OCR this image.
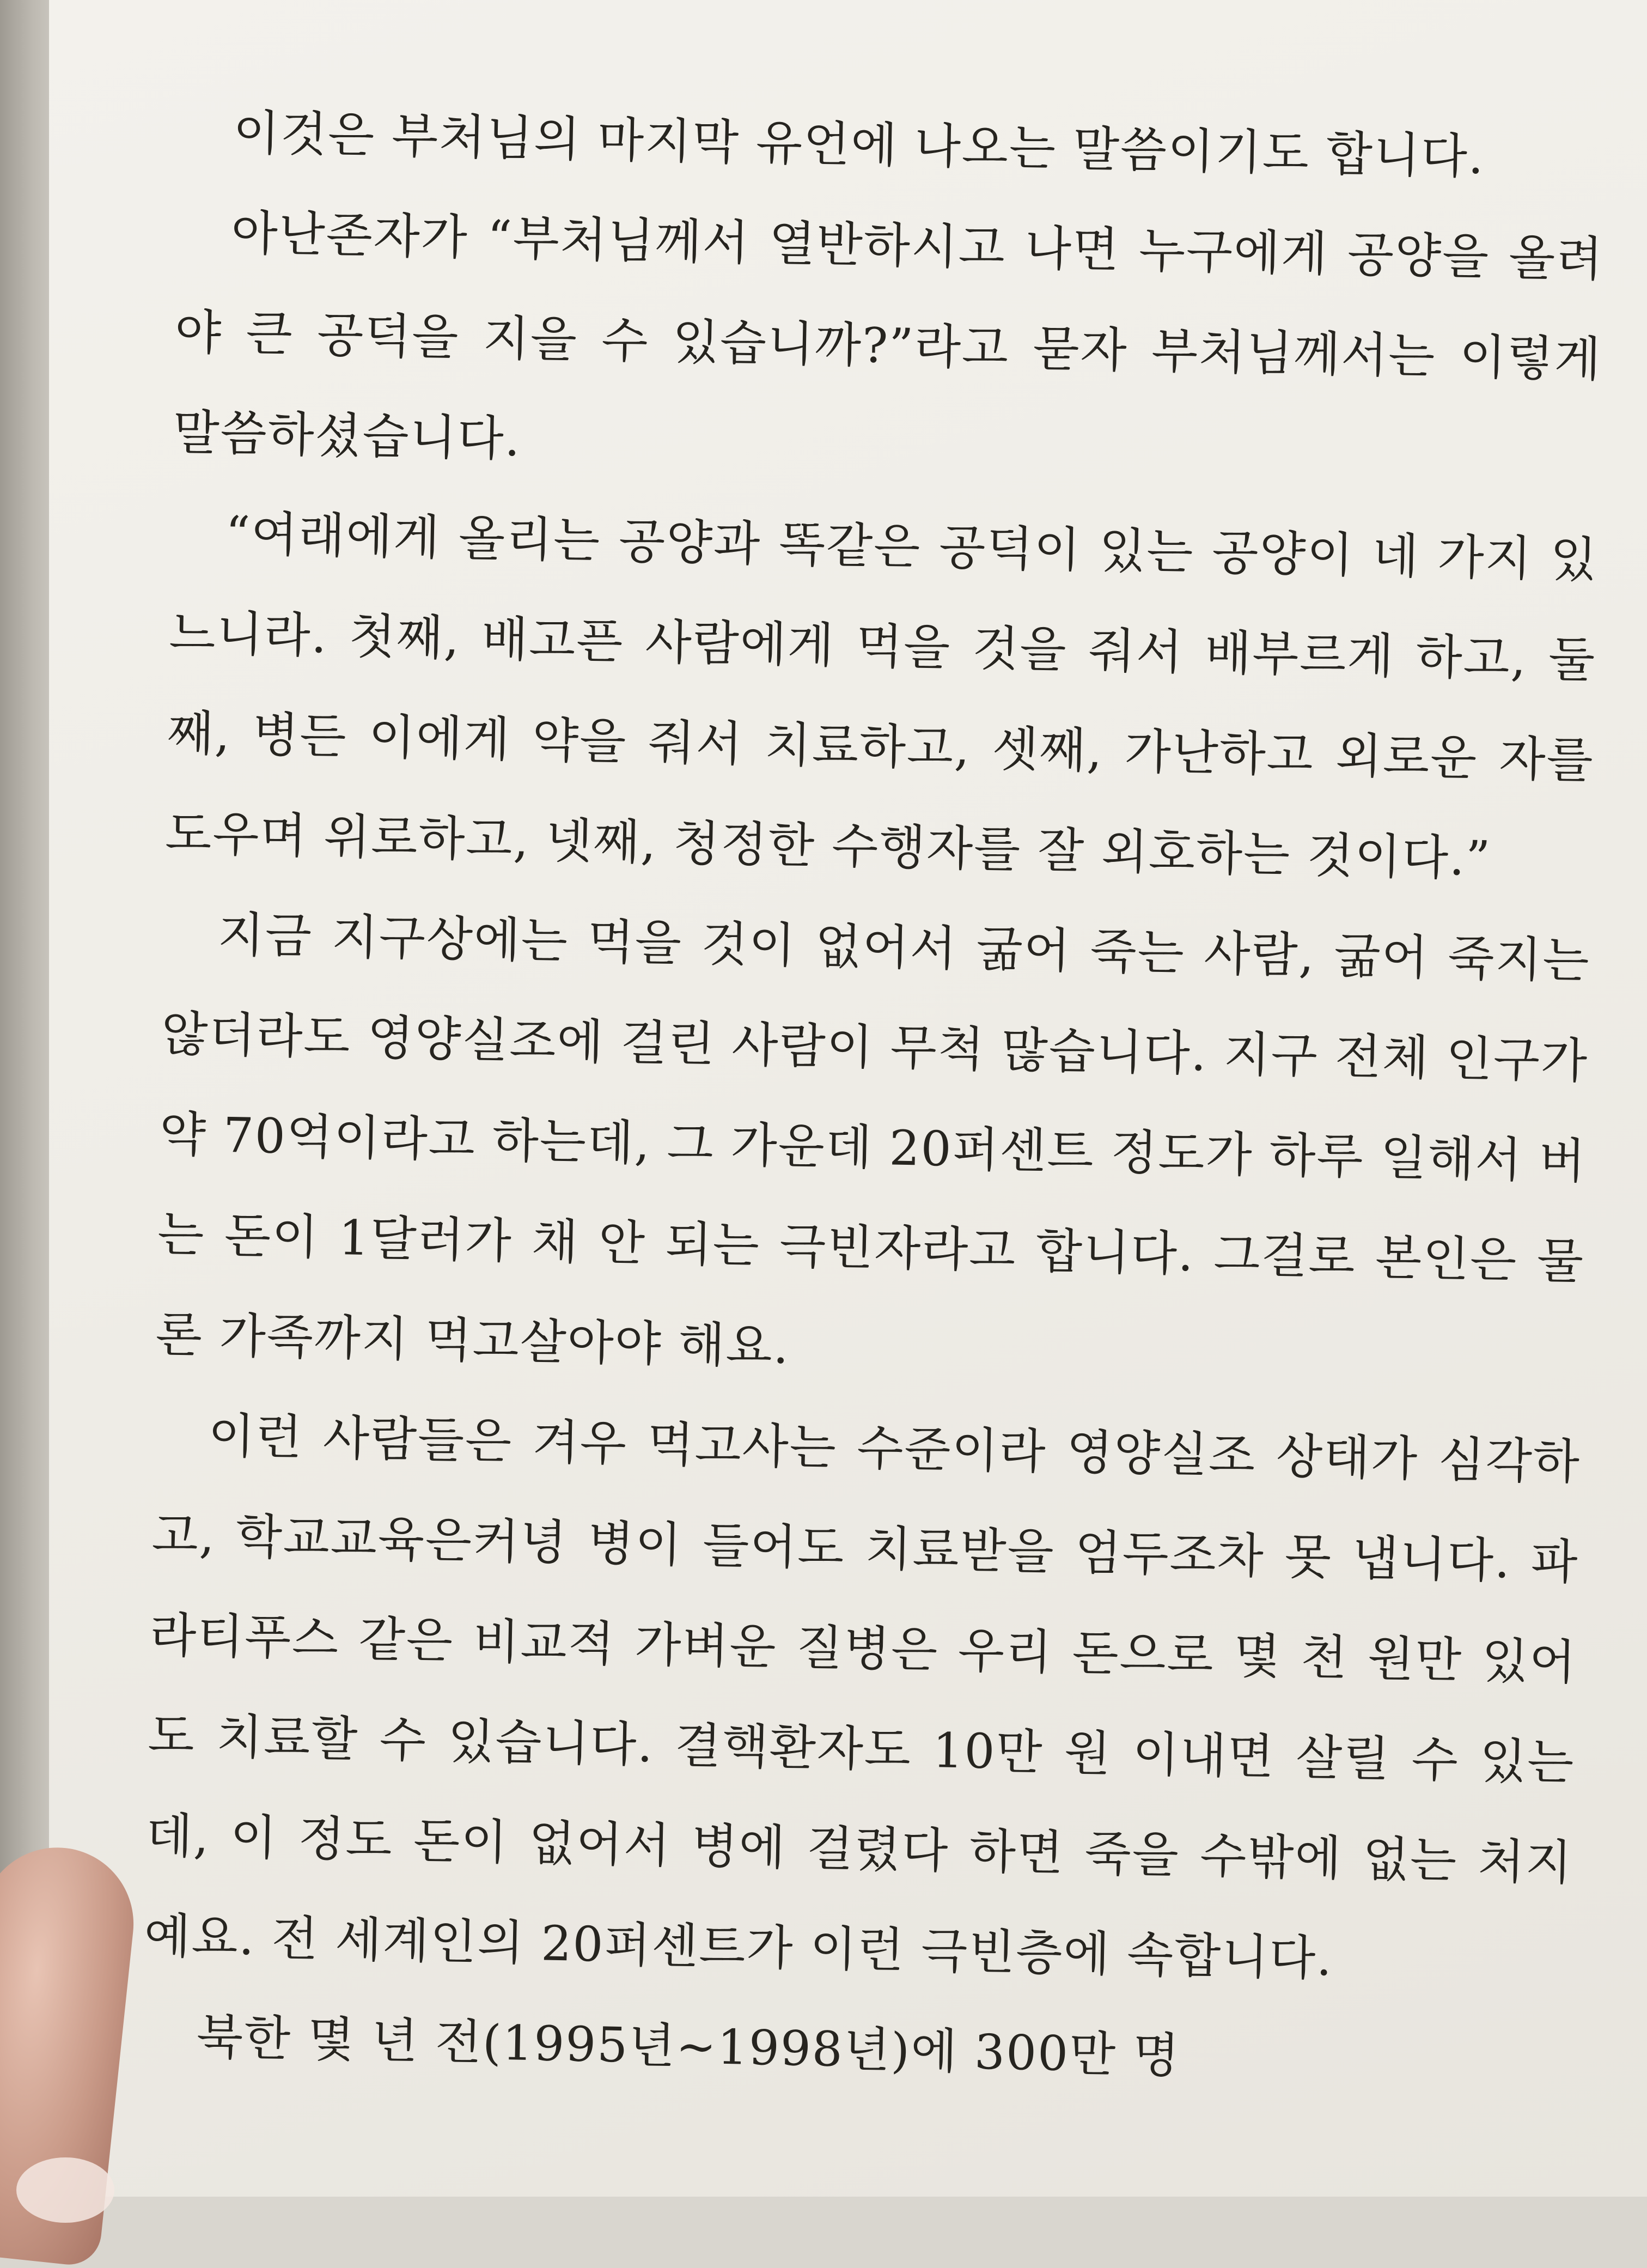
이것은 부처님의 마지막 유언에 나오는 말씀이기도 합니다.

아난존자가 “부처님께서 열반하시고 나면 누구에게 공양을 올려야 큰 공덕을 지을 수 있습니까?”라고 묻자 부처님께서는 이렇게 말씀하셨습니다.

“여래에게 올리는 공양과 똑같은 공덕이 있는 공양이 네 가지 있느니라. 첫째, 배고픈 사람에게 먹을 것을 줘서 배부르게 하고, 둘째, 병든 이에게 약을 줘서 치료하고, 셋째, 가난하고 외로운 자를 도우며 위로하고, 넷째, 청정한 수행자를 잘 외호하는 것이다.”

지금 지구상에는 먹을 것이 없어서 굶어 죽는 사람, 굶어 죽지는 않더라도 영양실조에 걸린 사람이 무척 많습니다. 지구 전체 인구가 약 70억이라고 하는데, 그 가운데 20퍼센트 정도가 하루 일해서 버는 돈이 1달러가 채 안 되는 극빈자라고 합니다. 그걸로 본인은 물론 가족까지 먹고살아야 해요.

이런 사람들은 겨우 먹고사는 수준이라 영양실조 상태가 심각하고, 학교교육은커녕 병이 들어도 치료받을 엄두조차 못 냅니다. 파라티푸스 같은 비교적 가벼운 질병은 우리 돈으로 몇 천 원만 있어도 치료할 수 있습니다. 결핵환자도 10만 원 이내면 살릴 수 있는데, 이 정도 돈이 없어서 병에 걸렸다 하면 죽을 수밖에 없는 처지예요. 전 세계인의 20퍼센트가 이런 극빈층에 속합니다.

북한 몇 년 전(1995년~1998년)에 300만 명
